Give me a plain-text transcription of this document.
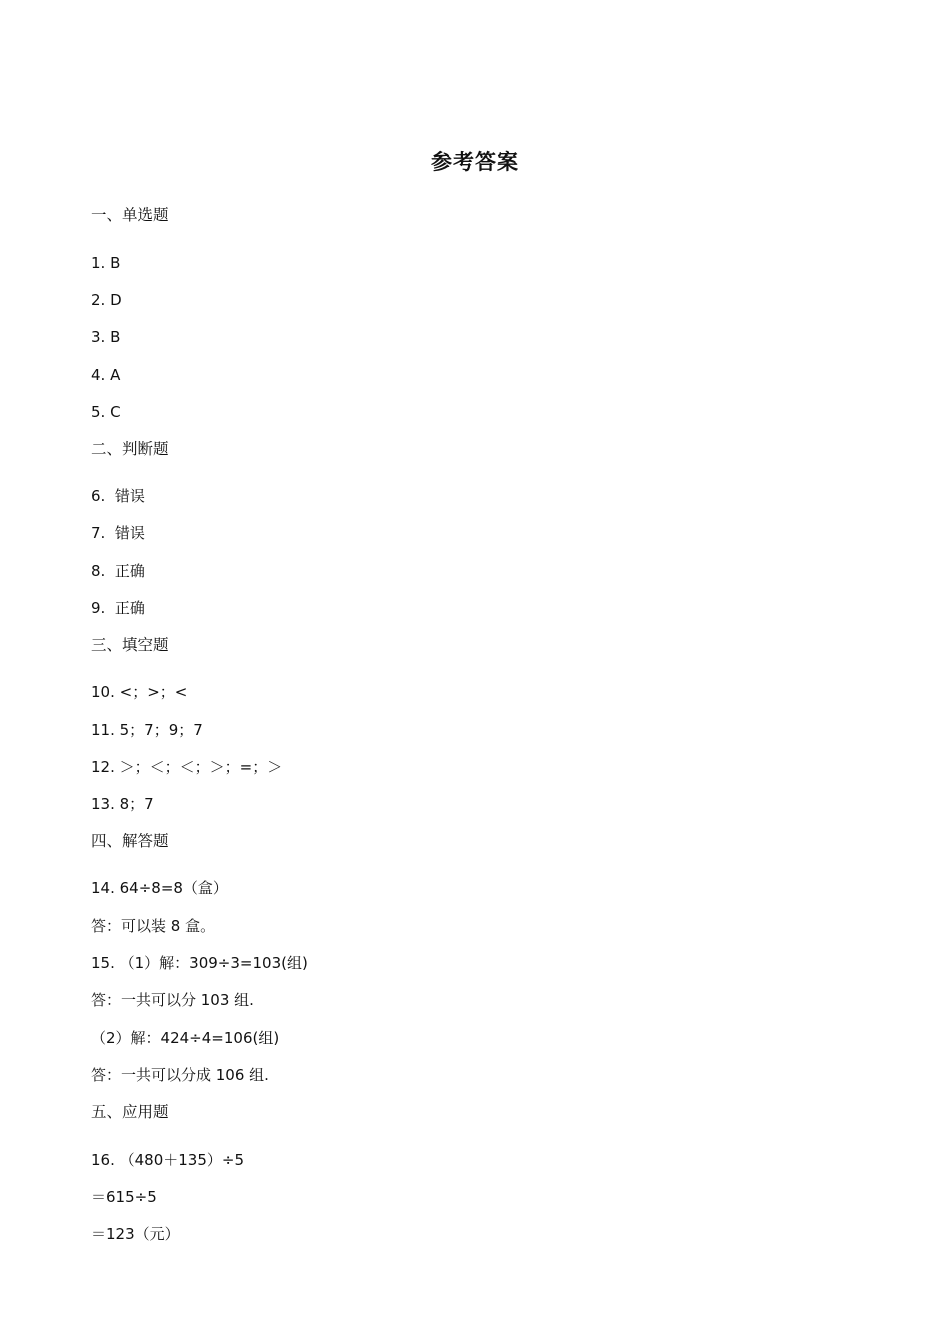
参考答案
一、单选题
1. B
2. D
3. B
4. A
5. C
二、判断题
6.  错误
7.  错误
8.  正确
9.  正确
三、填空题
10. <；>；<
11. 5；7；9；7
12. ＞；＜；＜；＞；=；＞
13. 8；7
四、解答题
14. 64÷8=8（盒）
答：可以装 8 盒。
15. （1）解：309÷3=103(组)
答：一共可以分 103 组.
（2）解：424÷4=106(组)
答：一共可以分成 106 组.
五、应用题
16. （480＋135）÷5
＝615÷5
＝123（元）
